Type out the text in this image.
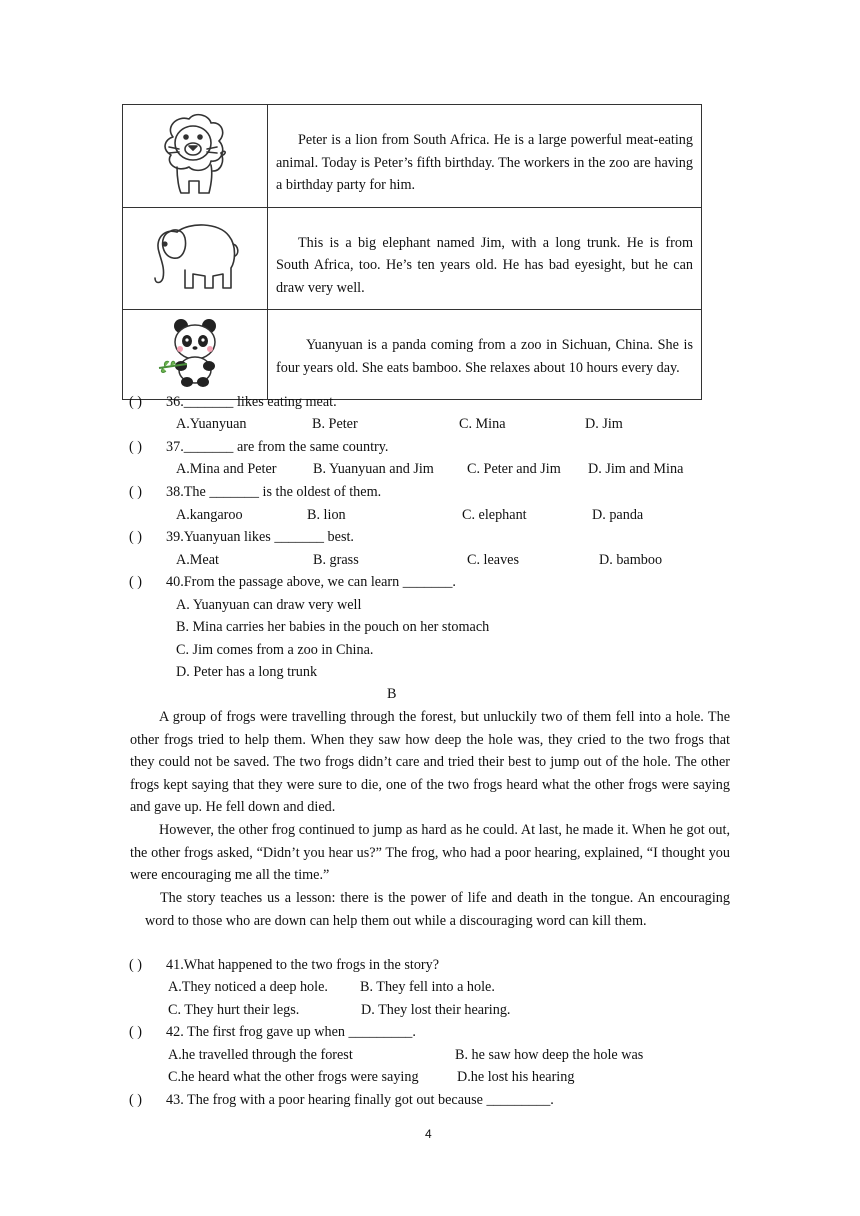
Peter is a lion from South Africa. He is a large powerful meat-eating animal. Today is Peter’s fifth birthday. The workers in the zoo are having a birthday party for him.

This is a big elephant named Jim, with a long trunk. He is from South Africa, too. He’s ten years old. He has bad eyesight, but he can draw very well.

Yuanyuan is a panda coming from a zoo in Sichuan, China. She is four years old. She eats bamboo. She relaxes about 10 hours every day.
( ) 36._______ likes eating meat.
A.Yuanyuan	B. Peter	C. Mina	D. Jim
( ) 37._______ are from the same country.
A.Mina and Peter	B. Yuanyuan and Jim C. Peter and Jim D. Jim and Mina
( ) 38.The _______ is the oldest of them.
A.kangaroo	B. lion	C. elephant	D. panda
( ) 39.Yuanyuan likes _______ best.
A.Meat	B. grass	C. leaves	D. bamboo
( ) 40.From the passage above, we can learn _______.
A. Yuanyuan can draw very well
B. Mina carries her babies in the pouch on her stomach
C. Jim comes from a zoo in China.
D. Peter has a long trunk
B
A group of frogs were travelling through the forest, but unluckily two of them fell into a hole. The other frogs tried to help them. When they saw how deep the hole was, they cried to the two frogs that they could not be saved. The two frogs didn’t care and tried their best to jump out of the hole. The other frogs kept saying that they were sure to die, one of the two frogs heard what the other frogs were saying and gave up. He fell down and died.
However, the other frog continued to jump as hard as he could. At last, he made it. When he got out, the other frogs asked, “Didn’t you hear us?” The frog, who had a poor hearing, explained, “I thought you were encouraging me all the time.”
The story teaches us a lesson: there is the power of life and death in the tongue. An encouraging word to those who are down can help them out while a discouraging word can kill them.
( ) 41.What happened to the two frogs in the story?
A.They noticed a deep hole. B. They fell into a hole.
C. They hurt their legs.	D. They lost their hearing.
( ) 42. The first frog gave up when _________.
A.he travelled through the forest	B. he saw how deep the hole was
C.he heard what the other frogs were saying	D.he lost his hearing
( ) 43. The frog with a poor hearing finally got out because _________.
4
